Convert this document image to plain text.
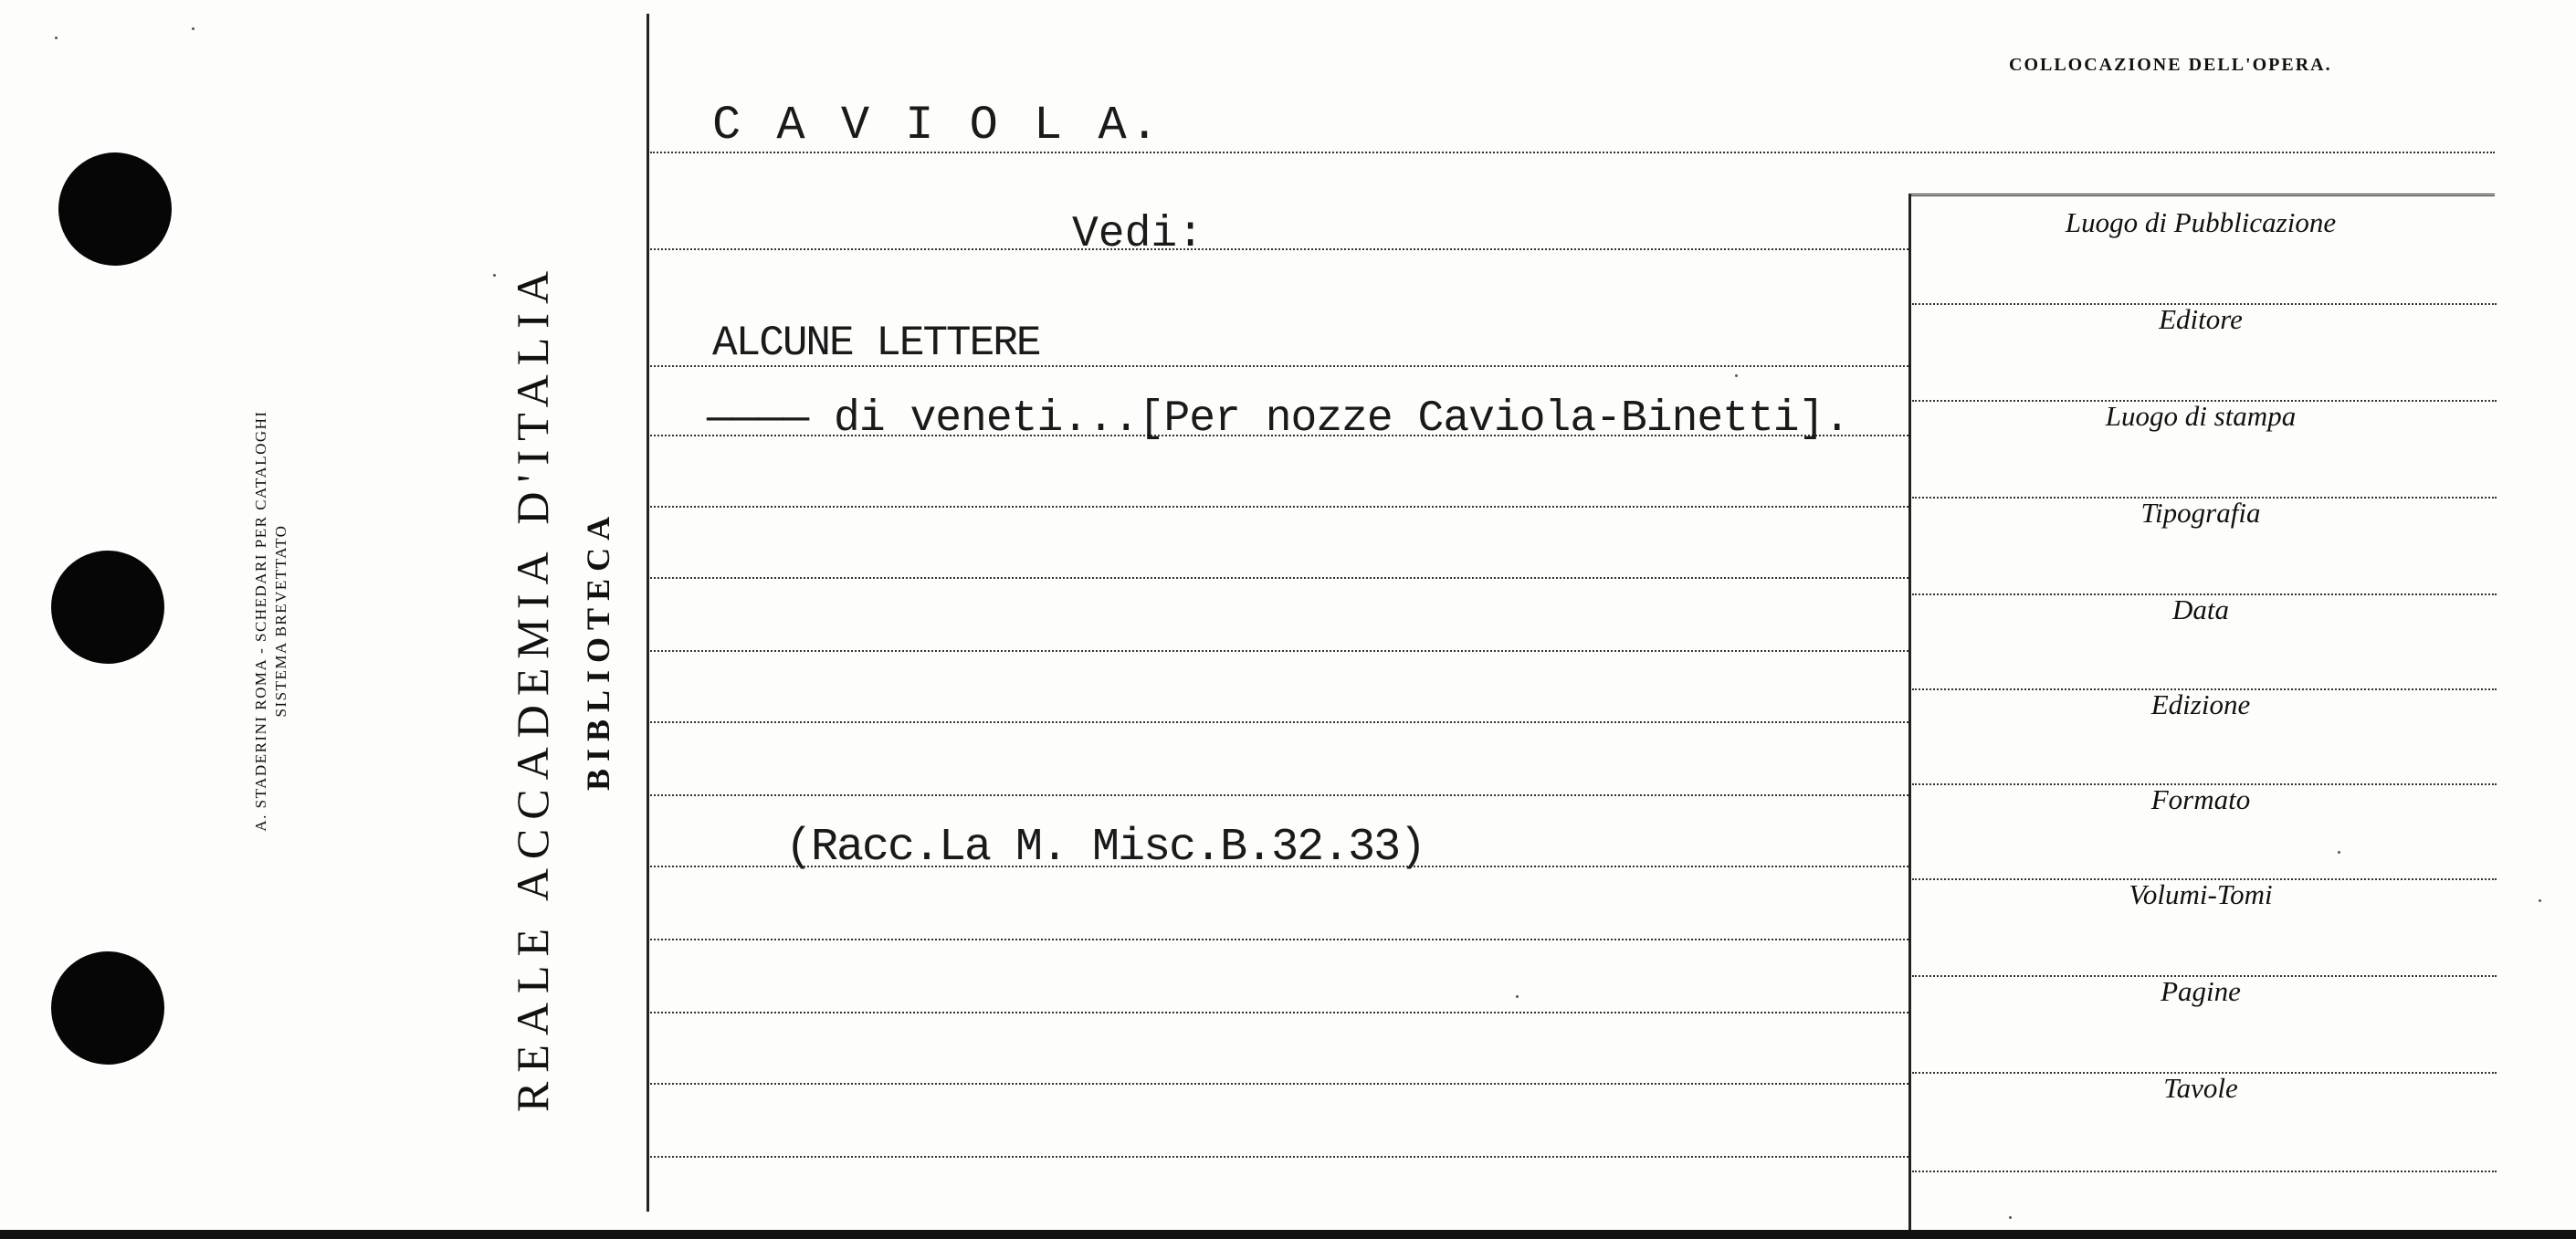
A. STADERINI ROMA - SCHEDARI PER CATALOGHI SISTEMA BREVETTATO	REALE ACCADEMIA D'ITALIA BIBLIOTECA
COLLOCAZIONE DELL'OPERA.
C A V I O L A.
Vedi:
ALCUNE LETTERE
———— di veneti...[Per nozze Caviola-Binetti].
(Racc.La M. Misc.B.32.33)
Luogo di Pubblicazione
Editore
Luogo di stampa
Tipografia
Data
Edizione
Formato
Volumi-Tomi
Pagine
Tavole
